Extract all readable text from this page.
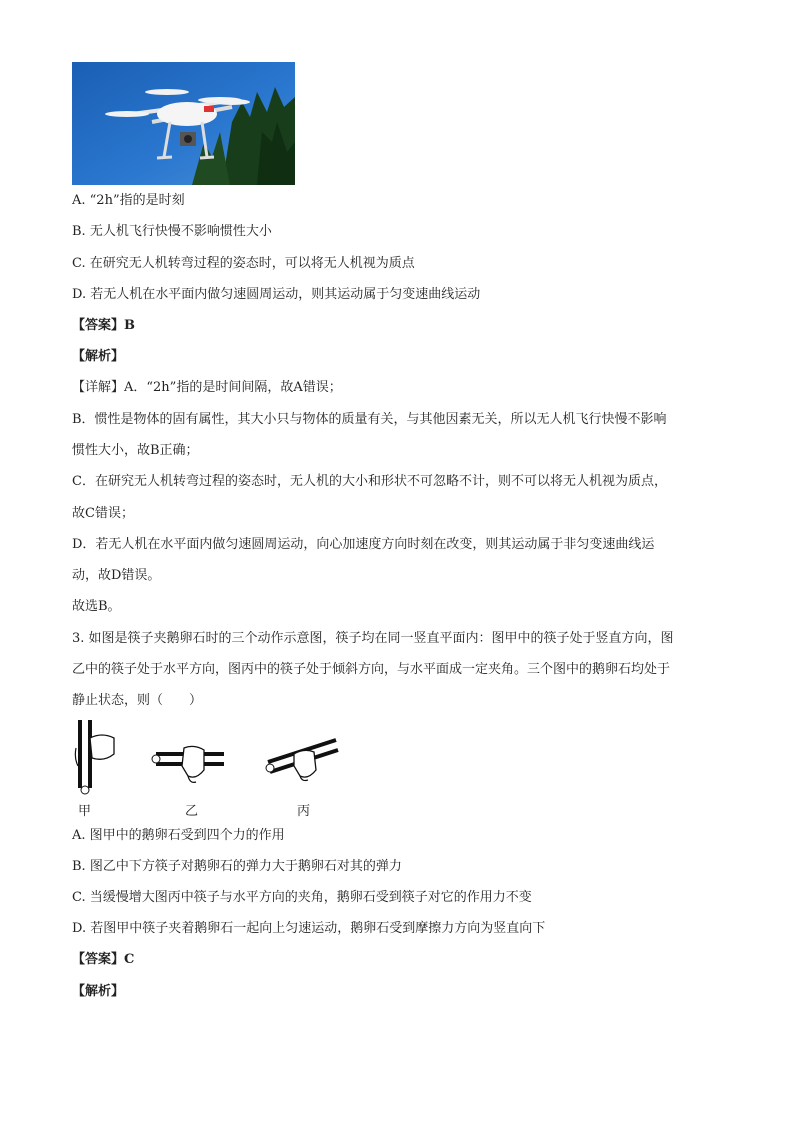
A. “2h”指的是时刻
B. 无人机飞行快慢不影响惯性大小
C. 在研究无人机转弯过程的姿态时，可以将无人机视为质点
D. 若无人机在水平面内做匀速圆周运动，则其运动属于匀变速曲线运动
【答案】B
【解析】
【详解】A．“2h”指的是时间间隔，故A错误；
B．惯性是物体的固有属性，其大小只与物体的质量有关，与其他因素无关，所以无人机飞行快慢不影响
惯性大小，故B正确；
C．在研究无人机转弯过程的姿态时，无人机的大小和形状不可忽略不计，则不可以将无人机视为质点，
故C错误；
D．若无人机在水平面内做匀速圆周运动，向心加速度方向时刻在改变，则其运动属于非匀变速曲线运
动，故D错误。
故选B。
3. 如图是筷子夹鹅卵石时的三个动作示意图，筷子均在同一竖直平面内：图甲中的筷子处于竖直方向，图
乙中的筷子处于水平方向，图丙中的筷子处于倾斜方向，与水平面成一定夹角。三个图中的鹅卵石均处于
静止状态，则（　　）
甲	乙	丙
A. 图甲中的鹅卵石受到四个力的作用
B. 图乙中下方筷子对鹅卵石的弹力大于鹅卵石对其的弹力
C. 当缓慢增大图丙中筷子与水平方向的夹角，鹅卵石受到筷子对它的作用力不变
D. 若图甲中筷子夹着鹅卵石一起向上匀速运动，鹅卵石受到摩擦力方向为竖直向下
【答案】C
【解析】
